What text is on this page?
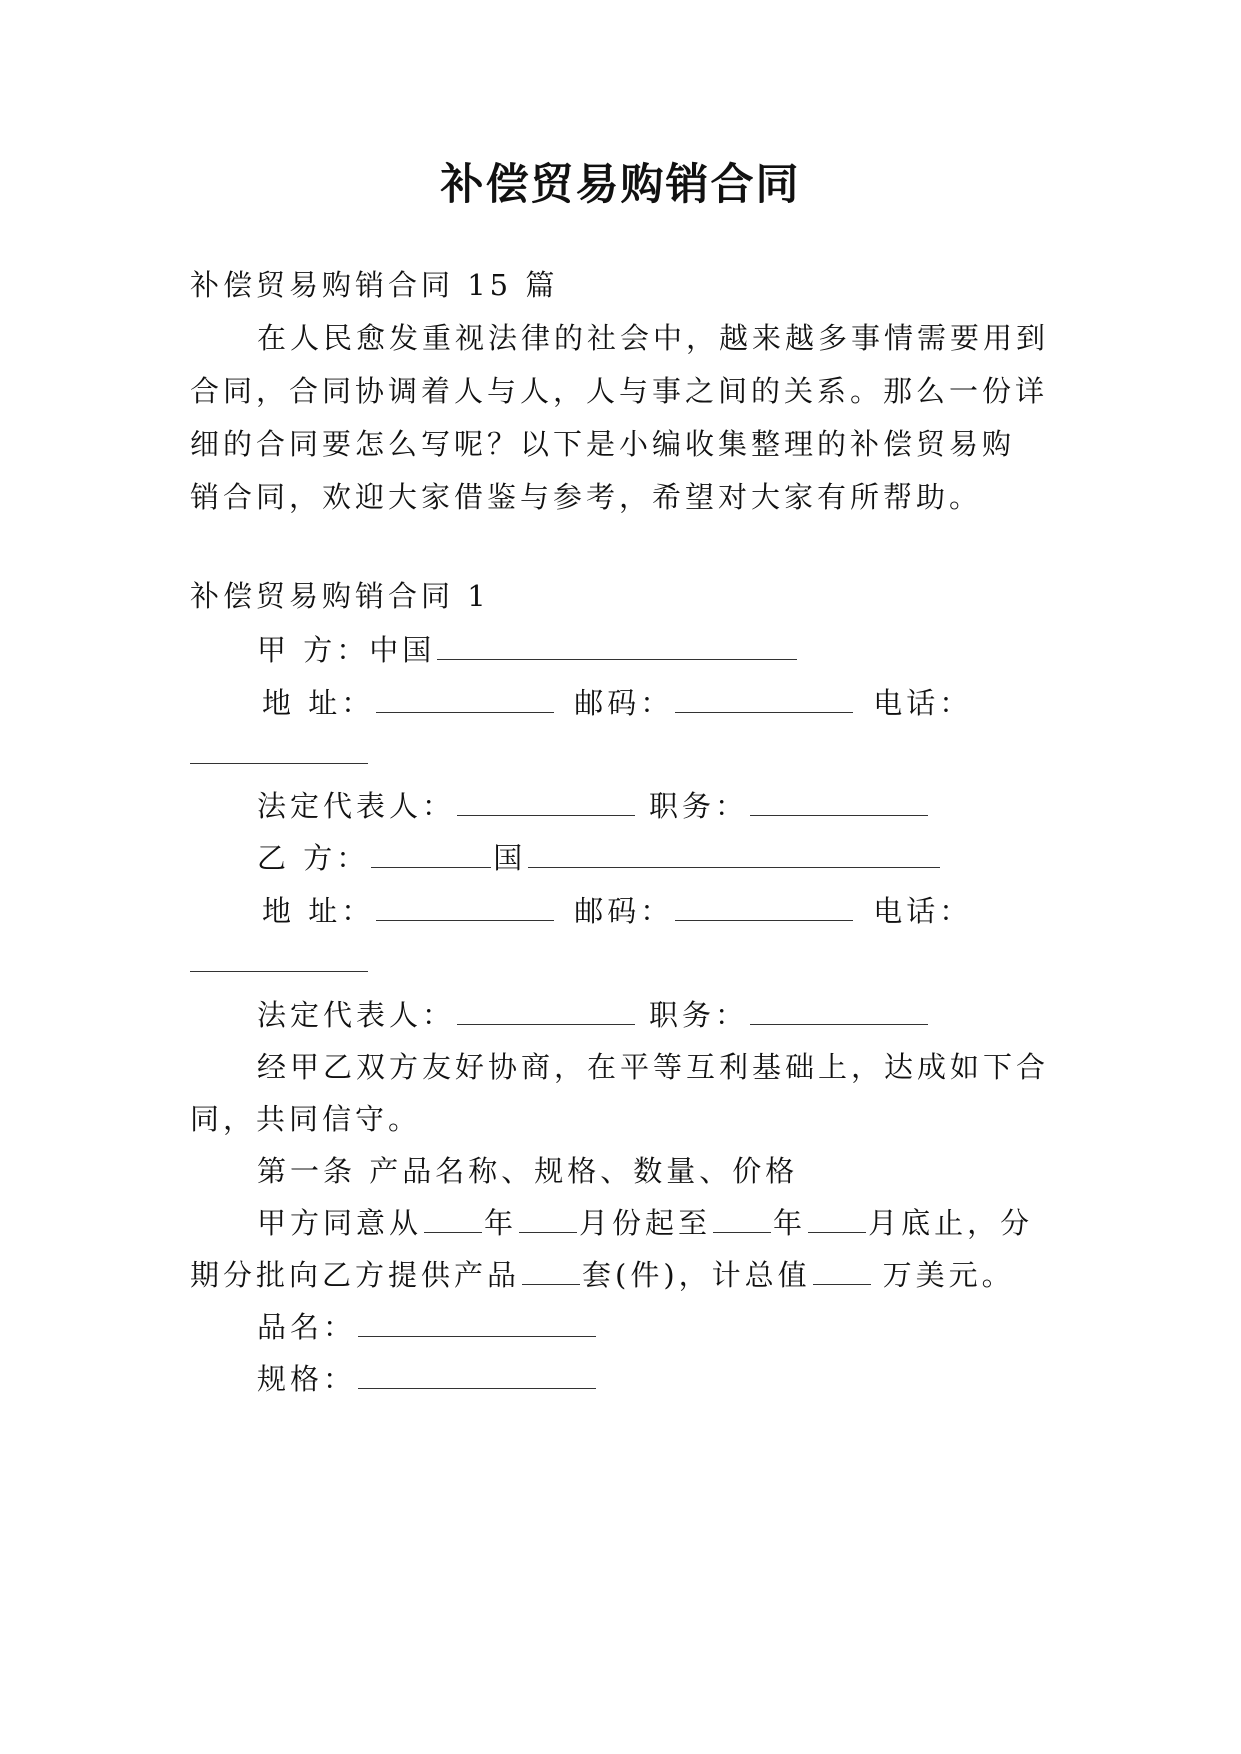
补偿贸易购销合同
补偿贸易购销合同 15 篇
在人民愈发重视法律的社会中，越来越多事情需要用到
合同，合同协调着人与人，人与事之间的关系。那么一份详
细的合同要怎么写呢？以下是小编收集整理的补偿贸易购
销合同，欢迎大家借鉴与参考，希望对大家有所帮助。
补偿贸易购销合同 1
甲 方：中国
地 址：	邮码：	电话：
法定代表人：	职务：
乙 方：	国
地 址：	邮码：	电话：
法定代表人：	职务：
经甲乙双方友好协商，在平等互利基础上，达成如下合
同，共同信守。
第一条 产品名称、规格、数量、价格
甲方同意从 年 月份起至 年 月底止，分
期分批向乙方提供产品 套(件)，计总值 万美元。
品名：
规格：
